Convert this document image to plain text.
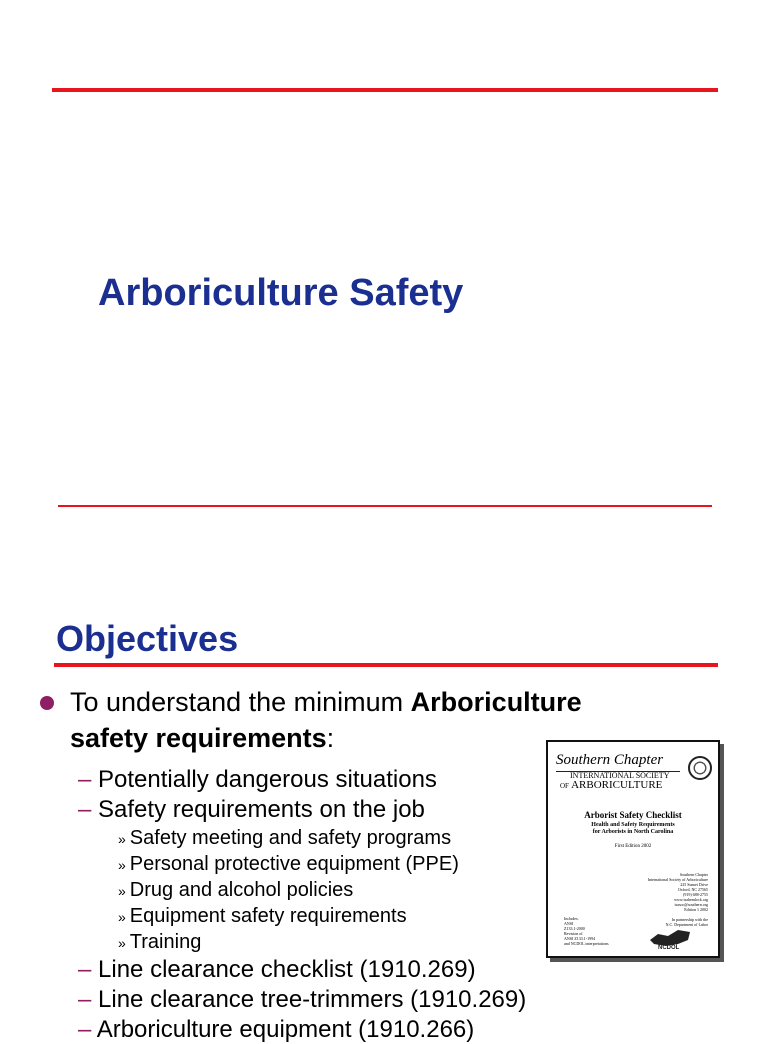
Arboriculture Safety
Objectives
To understand the minimum Arboriculture
safety requirements:
– Potentially dangerous situations
– Safety requirements on the job
» Safety meeting and safety programs
» Personal protective equipment (PPE)
» Drug and alcohol policies
» Equipment safety requirements
» Training
– Line clearance checklist (1910.269)
– Line clearance tree-trimmers (1910.269)
– Arboriculture equipment (1910.266)
Southern Chapter
INTERNATIONAL SOCIETY
OF ARBORICULTURE
Arborist Safety Checklist
Health and Safety Requirements
for Arborists in North Carolina
First Edition 2002
Southern Chapter
International Society of Arboriculture
225 Sunset Drive
Oxford, NC 27565
(919) 688-2755
www.isahemlock.org
isasoc@southern.org
Edition 1 2002

In partnership with the
N.C. Department of Labor
Includes:
ANSI
Z133.1-2000
Revision of
ANSI Z133.1-1994
and NCDOL interpretations
NCDOL
